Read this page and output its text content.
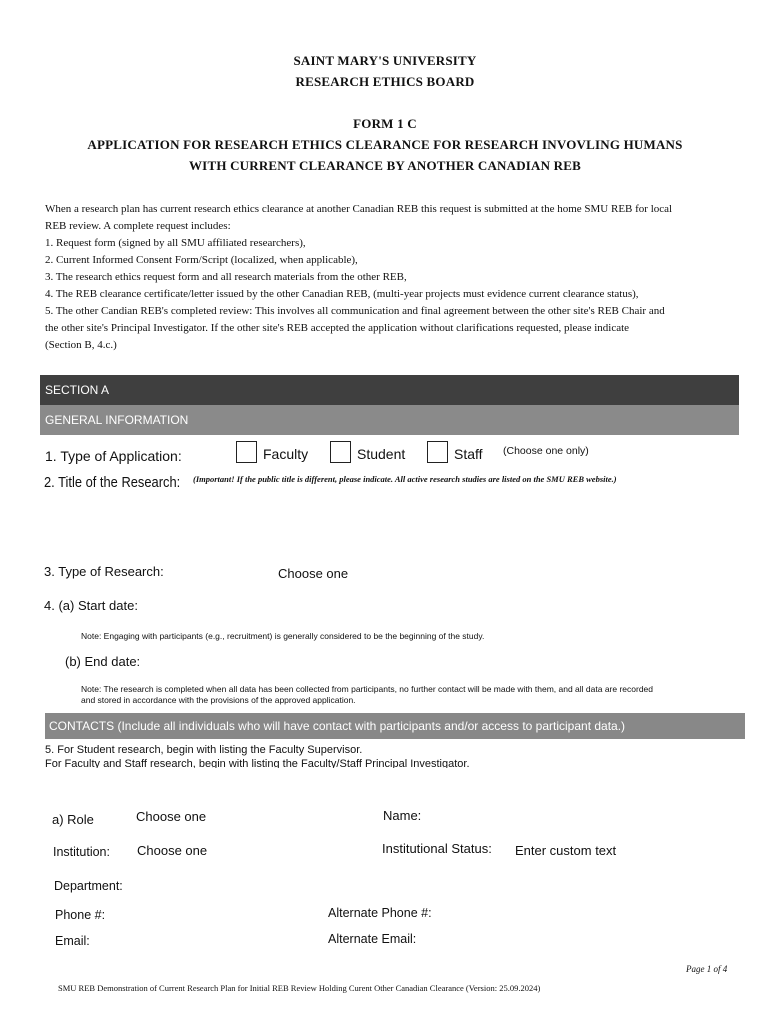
SAINT MARY'S UNIVERSITY
RESEARCH ETHICS BOARD
FORM 1 C
APPLICATION FOR RESEARCH ETHICS CLEARANCE FOR RESEARCH INVOVLING HUMANS
WITH CURRENT CLEARANCE BY ANOTHER CANADIAN REB
When a research plan has current research ethics clearance at another Canadian REB this request is submitted at the home SMU REB for local
REB review. A complete request includes:
1. Request form (signed by all SMU affiliated researchers),
2. Current Informed Consent Form/Script (localized, when applicable),
3. The research ethics request form and all research materials from the other REB,
4. The REB clearance certificate/letter issued by the other Canadian REB, (multi-year projects must evidence current clearance status),
5. The other Candian REB's completed review: This involves all communication and final agreement between the other site's REB Chair and
the other site's Principal Investigator. If the other site's REB accepted the application without clarifications requested, please indicate
(Section B, 4.c.)
SECTION A
GENERAL INFORMATION
1. Type of Application:	Faculty	Student	Staff (Choose one only)
2. Title of the Research: (Important! If the public title is different, please indicate. All active research studies are listed on the SMU REB website.)
3. Type of Research:	Choose one
4. (a) Start date:
Note: Engaging with participants (e.g., recruitment) is generally considered to be the beginning of the study.
(b) End date:
Note: The research is completed when all data has been collected from participants, no further contact will be made with them, and all data are recorded
and stored in accordance with the provisions of the approved application.
CONTACTS (Include all individuals who will have contact with participants and/or access to participant data.)
5. For Student research, begin with listing the Faculty Supervisor.
For Faculty and Staff research, begin with listing the Faculty/Staff Principal Investigator.
a) Role	Choose one	Name:
Institution: Choose one	Institutional Status: Enter custom text
Department:
Phone #:	Alternate Phone #:
Email:	Alternate Email:
Page 1 of 4
SMU REB Demonstration of Current Research Plan for Initial REB Review Holding Curent Other Canadian Clearance (Version: 25.09.2024)
